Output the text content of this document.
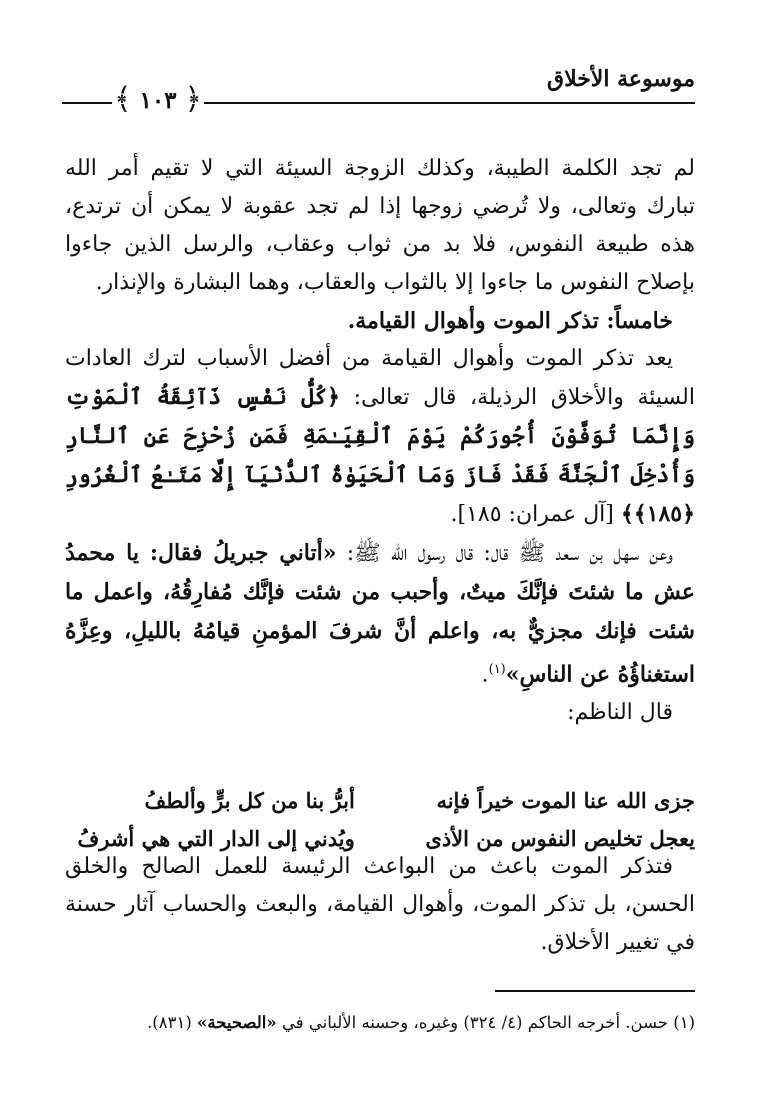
موسوعة الأخلاق
﴿
١٠٣
﴾

لم تجد الكلمة الطيبة، وكذلك الزوجة السيئة التي لا تقيم أمر الله تبارك وتعالى، ولا تُرضي زوجها إذا لم تجد عقوبة لا يمكن أن ترتدع، هذه طبيعة النفوس، فلا بد من ثواب وعقاب، والرسل الذين جاءوا بإصلاح النفوس ما جاءوا إلا بالثواب والعقاب، وهما البشارة والإنذار.

خامساً: تذكر الموت وأهوال القيامة.

يعد تذكر الموت وأهوال القيامة من أفضل الأسباب لترك العادات السيئة والأخلاق الرذيلة، قال تعالى: ﴿كُلُّ نَفْسٍ ذَآئِقَةُ ٱلْمَوْتِ وَإِنَّمَا تُوَفَّوْنَ أُجُورَكُمْ يَوْمَ ٱلْقِيَـٰمَةِ فَمَن زُحْزِحَ عَنِ ٱلنَّارِ وَأُدْخِلَ ٱلْجَنَّةَ فَقَدْ فَازَ وَمَا ٱلْحَيَوٰةُ ٱلدُّنْيَآ إِلَّا مَتَـٰعُ ٱلْغُرُورِ ﴿١٨٥﴾﴾ [آل عمران: ١٨٥].

وعن سهل بن سعد ﷺ قال: قال رسول الله ﷺ: «أتاني جبريلُ فقال: يا محمدُ عش ما شئتَ فإنَّكَ ميتٌ، وأحبب من شئت فإنَّك مُفارِقُهُ، واعمل ما شئت فإنك مجزيٌّ به، واعلم أنَّ شرفَ المؤمنِ قيامُهُ بالليلِ، وعِزَّهُ استغناؤُهُ عن الناسِ»$^{(١)}$.

قال الناظم:

جزى الله عنا الموت خيراً فإنه
أبرُّ بنا من كل برٍّ وألطفُ
يعجل تخليص النفوس من الأذى
ويُدني إلى الدار التي هي أشرفُ

فتذكر الموت باعث من البواعث الرئيسة للعمل الصالح والخلق الحسن، بل تذكر الموت، وأهوال القيامة، والبعث والحساب آثار حسنة في تغيير الأخلاق.

(١) حسن. أخرجه الحاكم (٤/ ٣٢٤) وغيره، وحسنه الألباني في «الصحيحة» (٨٣١).
